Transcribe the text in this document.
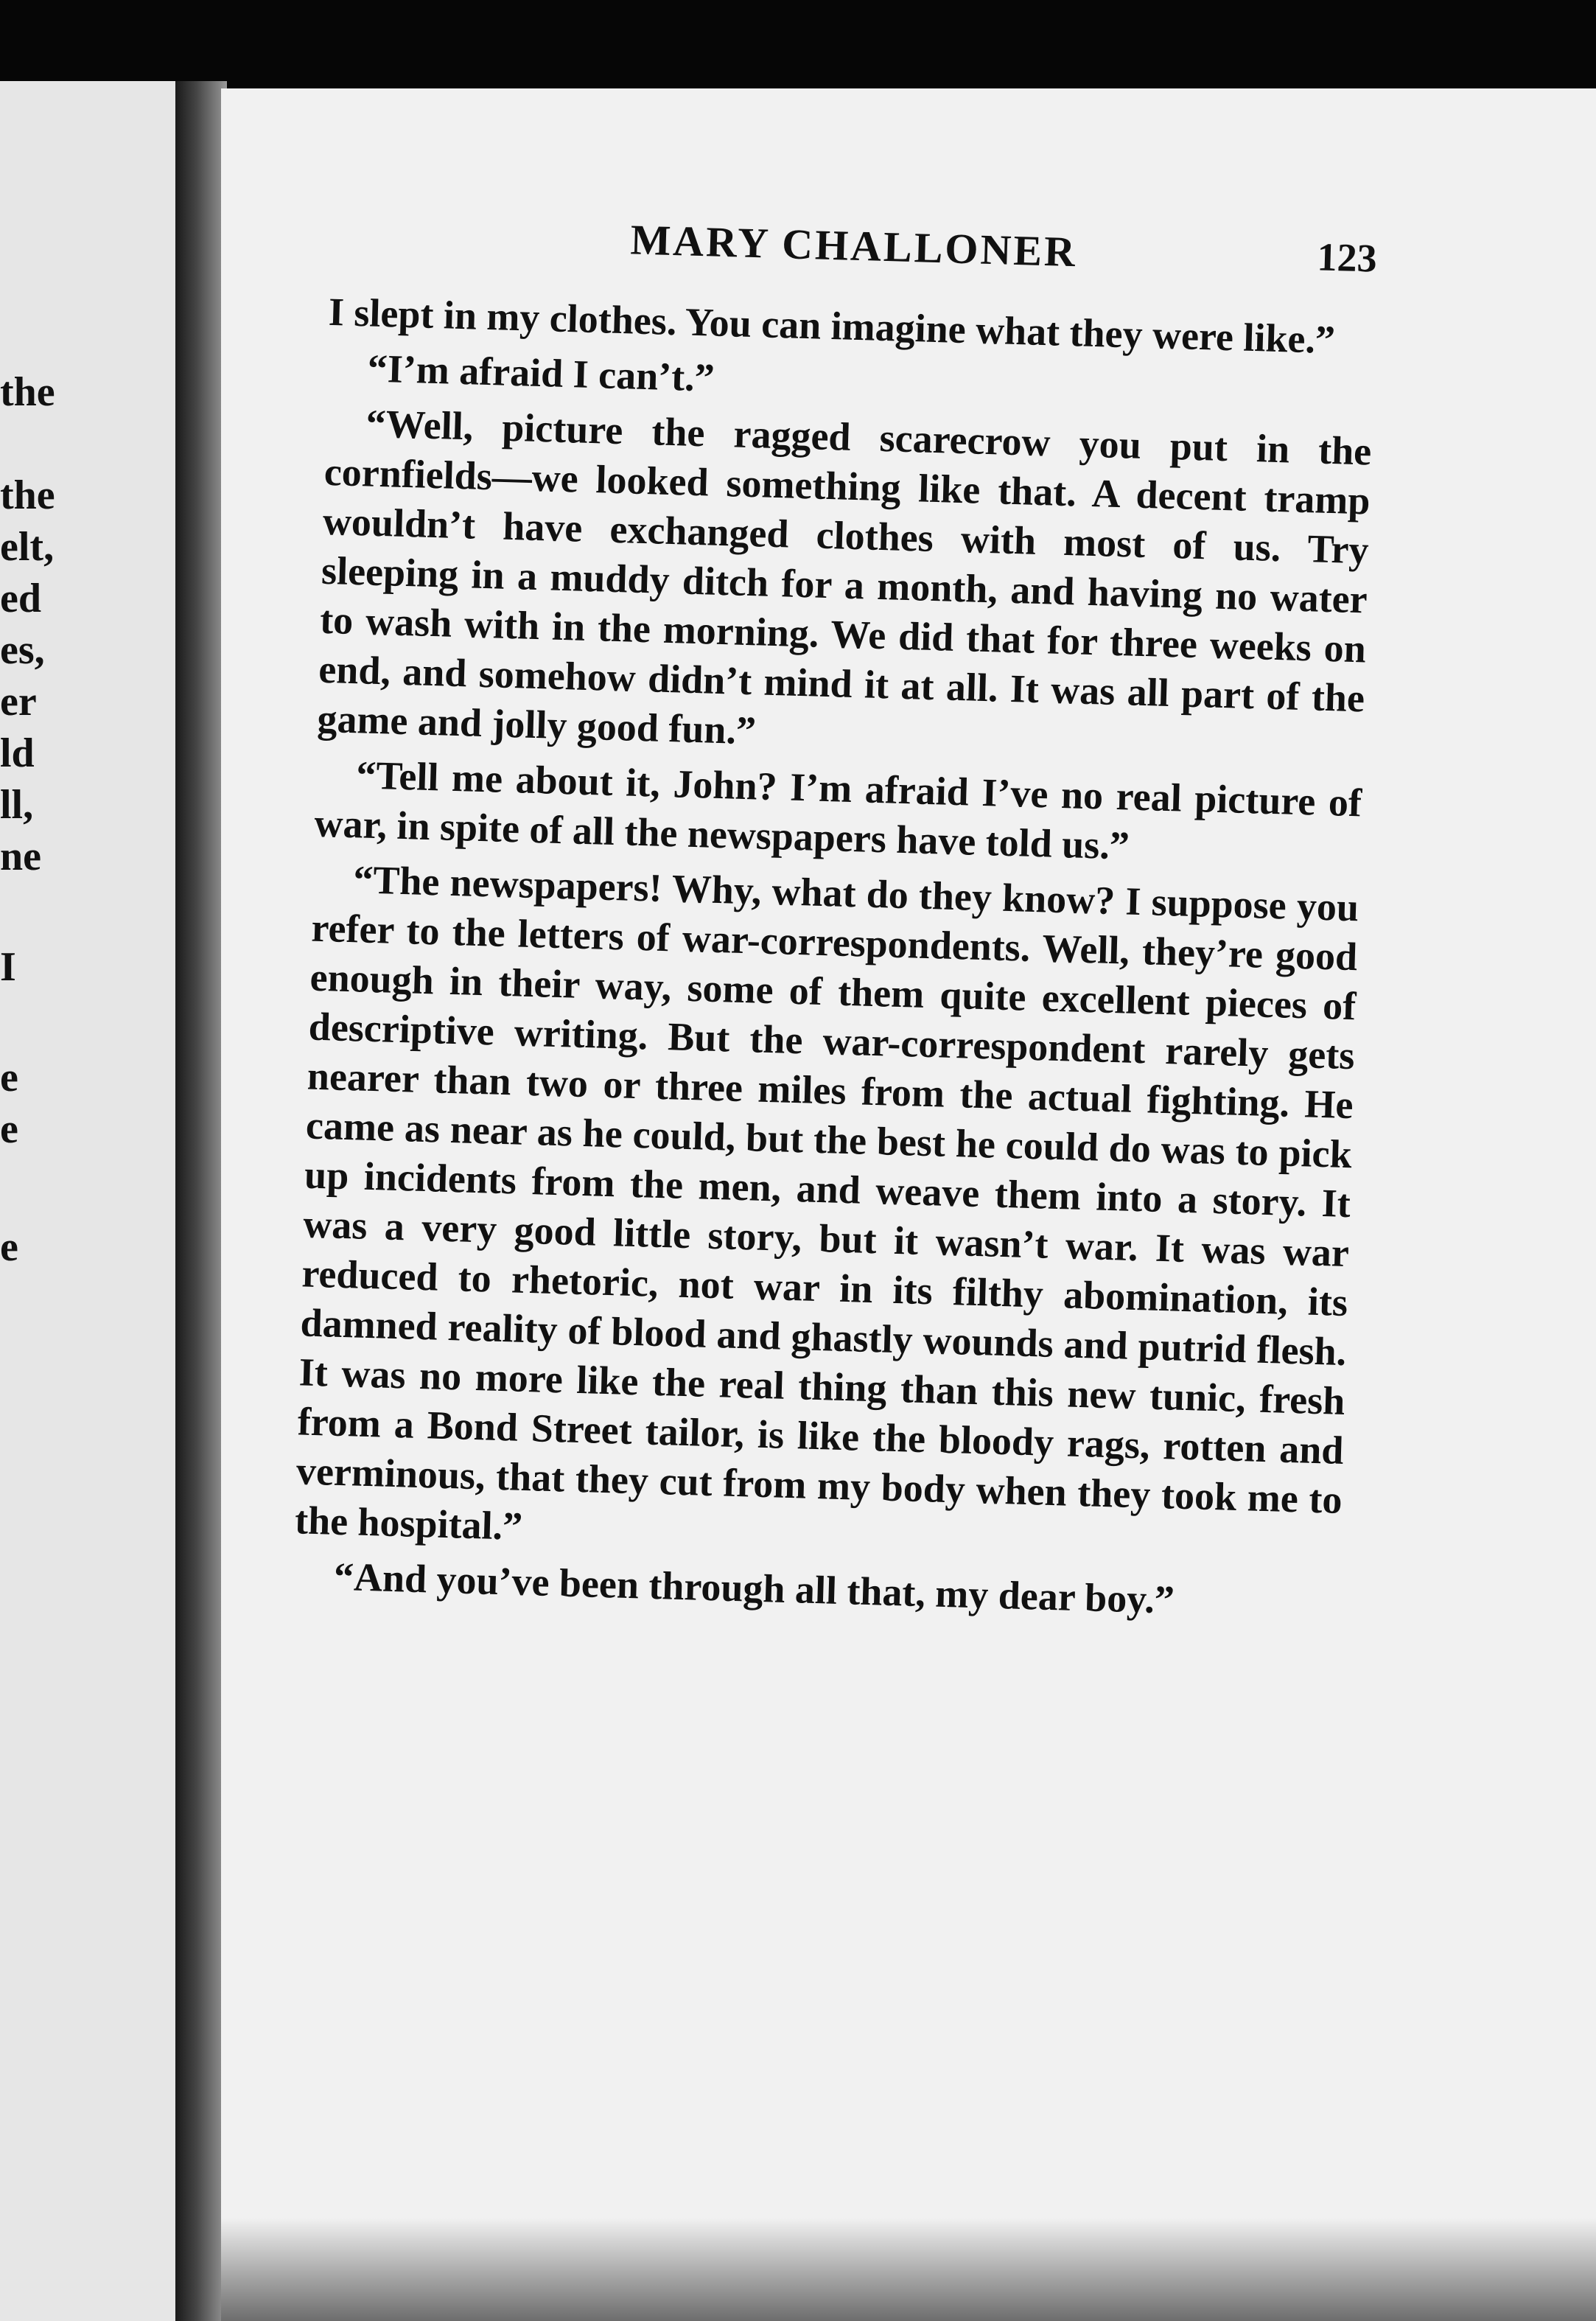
the
the
elt,
ed
es,
er
ld
ll,
ne
I
e
e
e
MARY CHALLONER	123

I slept in my clothes. You can imagine what they were like.”

“I’m afraid I can’t.”

“Well, picture the ragged scarecrow you put in the cornfields—we looked something like that. A decent tramp wouldn’t have exchanged clothes with most of us. Try sleeping in a muddy ditch for a month, and having no water to wash with in the morning. We did that for three weeks on end, and somehow didn’t mind it at all. It was all part of the game and jolly good fun.”

“Tell me about it, John? I’m afraid I’ve no real picture of war, in spite of all the newspapers have told us.”

“The newspapers! Why, what do they know? I suppose you refer to the letters of war-correspondents. Well, they’re good enough in their way, some of them quite excellent pieces of descriptive writing. But the war-correspondent rarely gets nearer than two or three miles from the actual fighting. He came as near as he could, but the best he could do was to pick up incidents from the men, and weave them into a story. It was a very good little story, but it wasn’t war. It was war reduced to rhetoric, not war in its filthy abomination, its damned reality of blood and ghastly wounds and putrid flesh. It was no more like the real thing than this new tunic, fresh from a Bond Street tailor, is like the bloody rags, rotten and verminous, that they cut from my body when they took me to the hospital.”

“And you’ve been through all that, my dear boy.”
